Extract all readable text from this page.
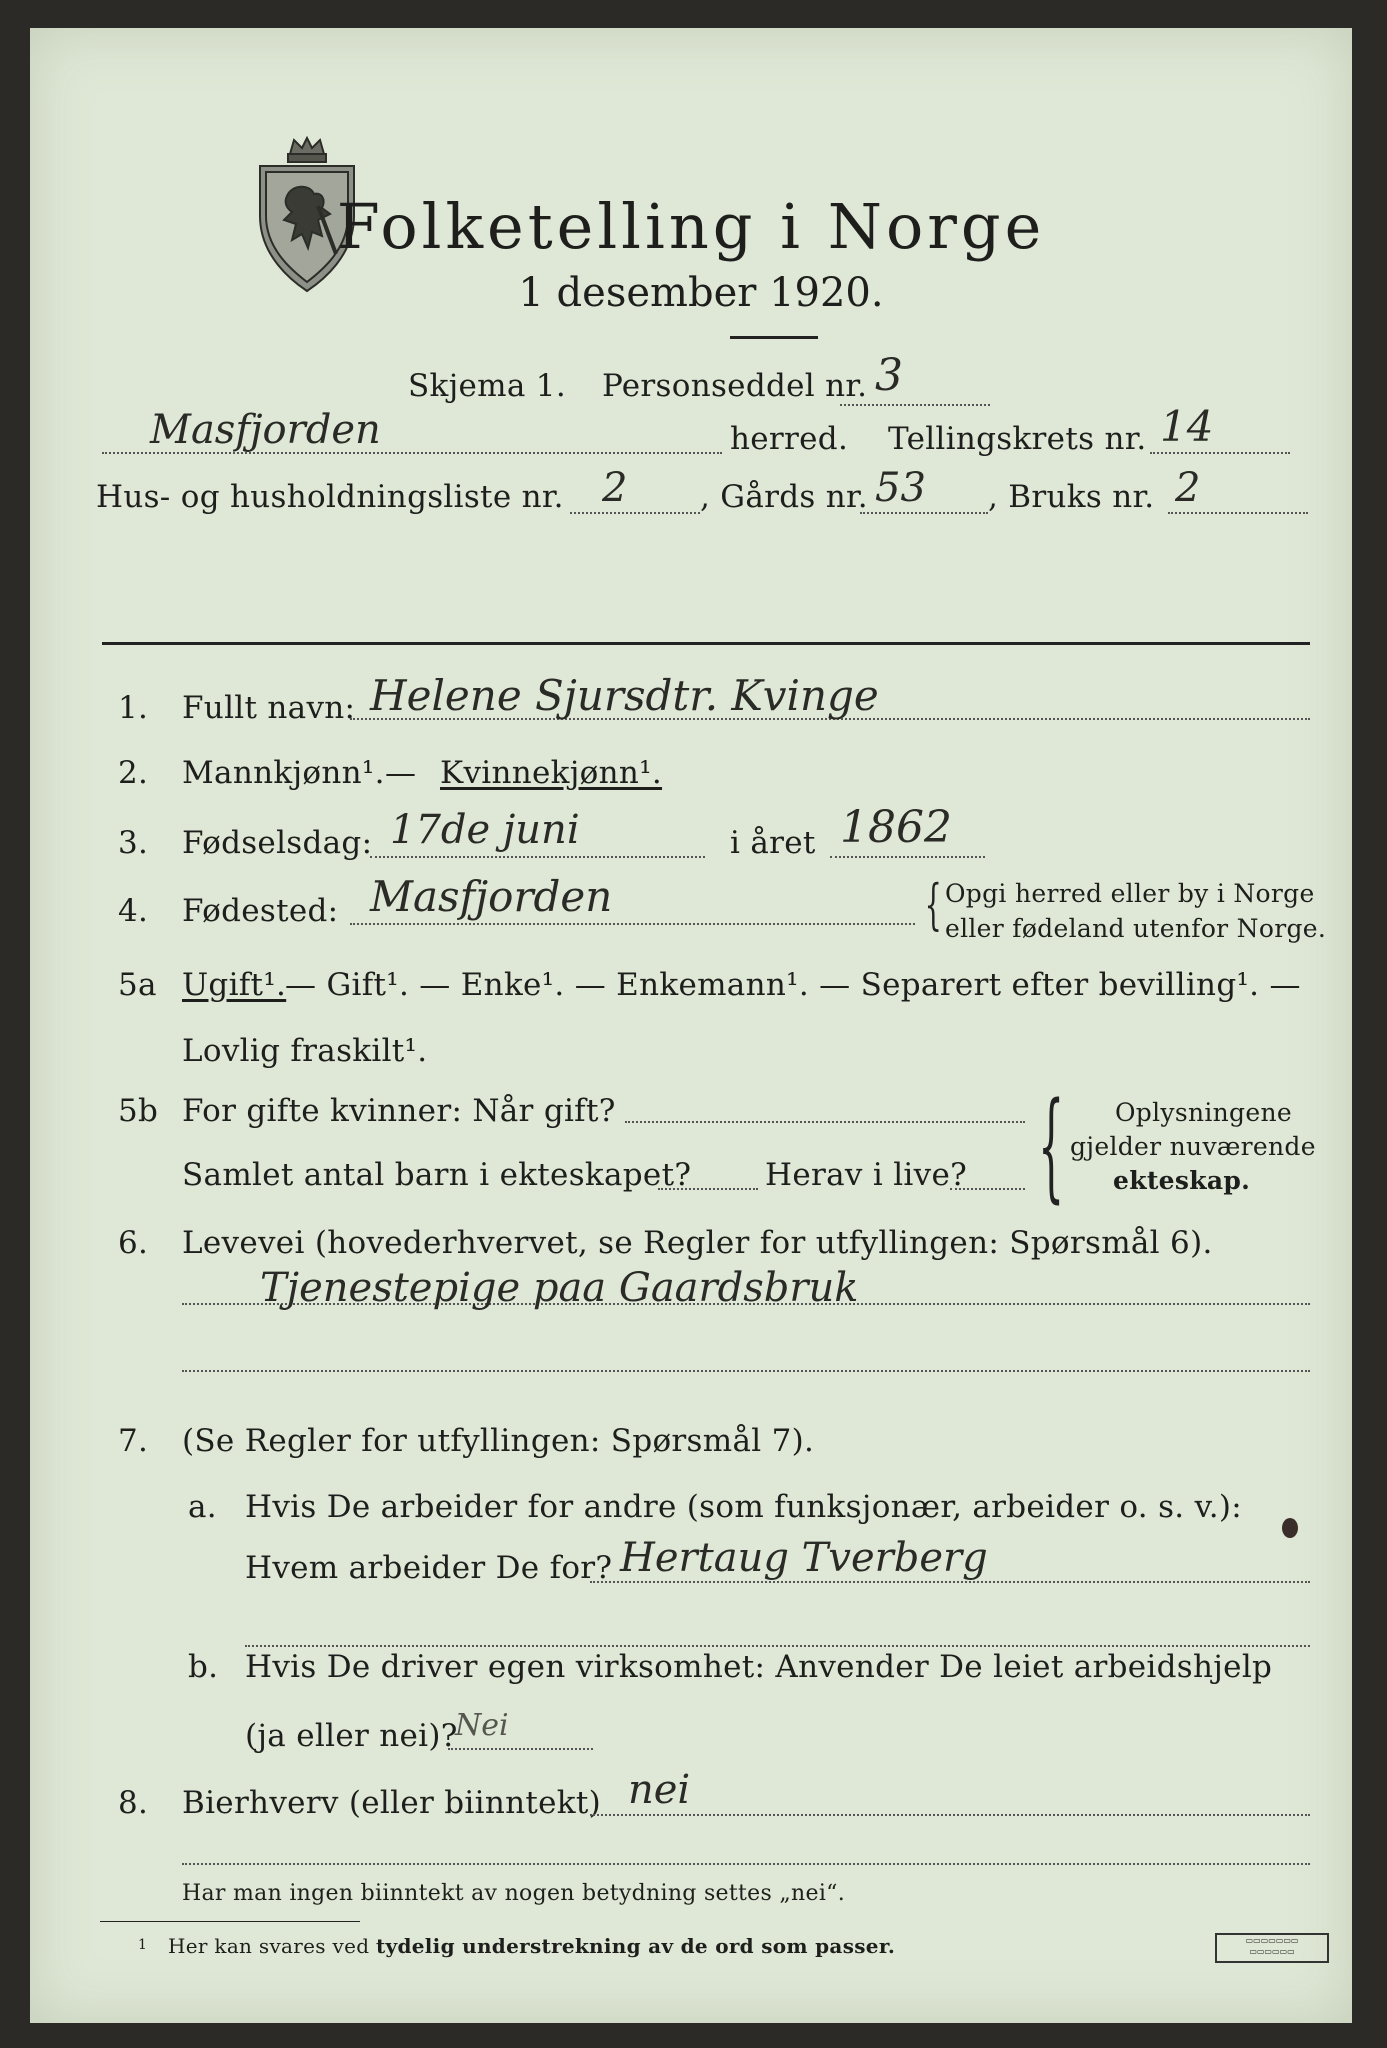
Folketelling i Norge
1 desember 1920.
Skjema 1. Personseddel nr. 3
Masfjorden	herred. Tellingskrets nr. 14
Hus- og husholdningsliste nr. 2 , Gårds nr. 53 , Bruks nr. 2
1. Fullt navn: Helene Sjursdtr. Kvinge
2. Mannkjønn¹. — Kvinnekjønn¹.
3. Fødselsdag: 17de juni	i året 1862
4. Fødested: Masfjorden	{ Opgi herred eller by i Norge
eller fødeland utenfor Norge.
5a Ugift¹.
— Gift¹. — Enke¹. — Enkemann¹. — Separert efter bevilling¹. —
Lovlig fraskilt¹.
5b For gifte kvinner: Når gift?
Samlet antal barn i ekteskapet? Herav i live? { Oplysningene
gjelder nuværende
ekteskap.
6. Levevei (hovederhvervet, se Regler for utfyllingen: Spørsmål 6).
Tjenestepige paa Gaardsbruk
7. (Se Regler for utfyllingen: Spørsmål 7).
a. Hvis De arbeider for andre (som funksjonær, arbeider o. s. v.):
Hvem arbeider De for? Hertaug Tverberg
b. Hvis De driver egen virksomhet: Anvender De leiet arbeidshjelp
(ja eller nei)?
Nei
8. Bierhverv (eller biinntekt) nei
Har man ingen biinntekt av nogen betydning settes „nei“.
1 Her kan svares ved tydelig understrekning av de ord som passer.	▭▭▭▭▭▭▭
▭▭▭▭▭▭
